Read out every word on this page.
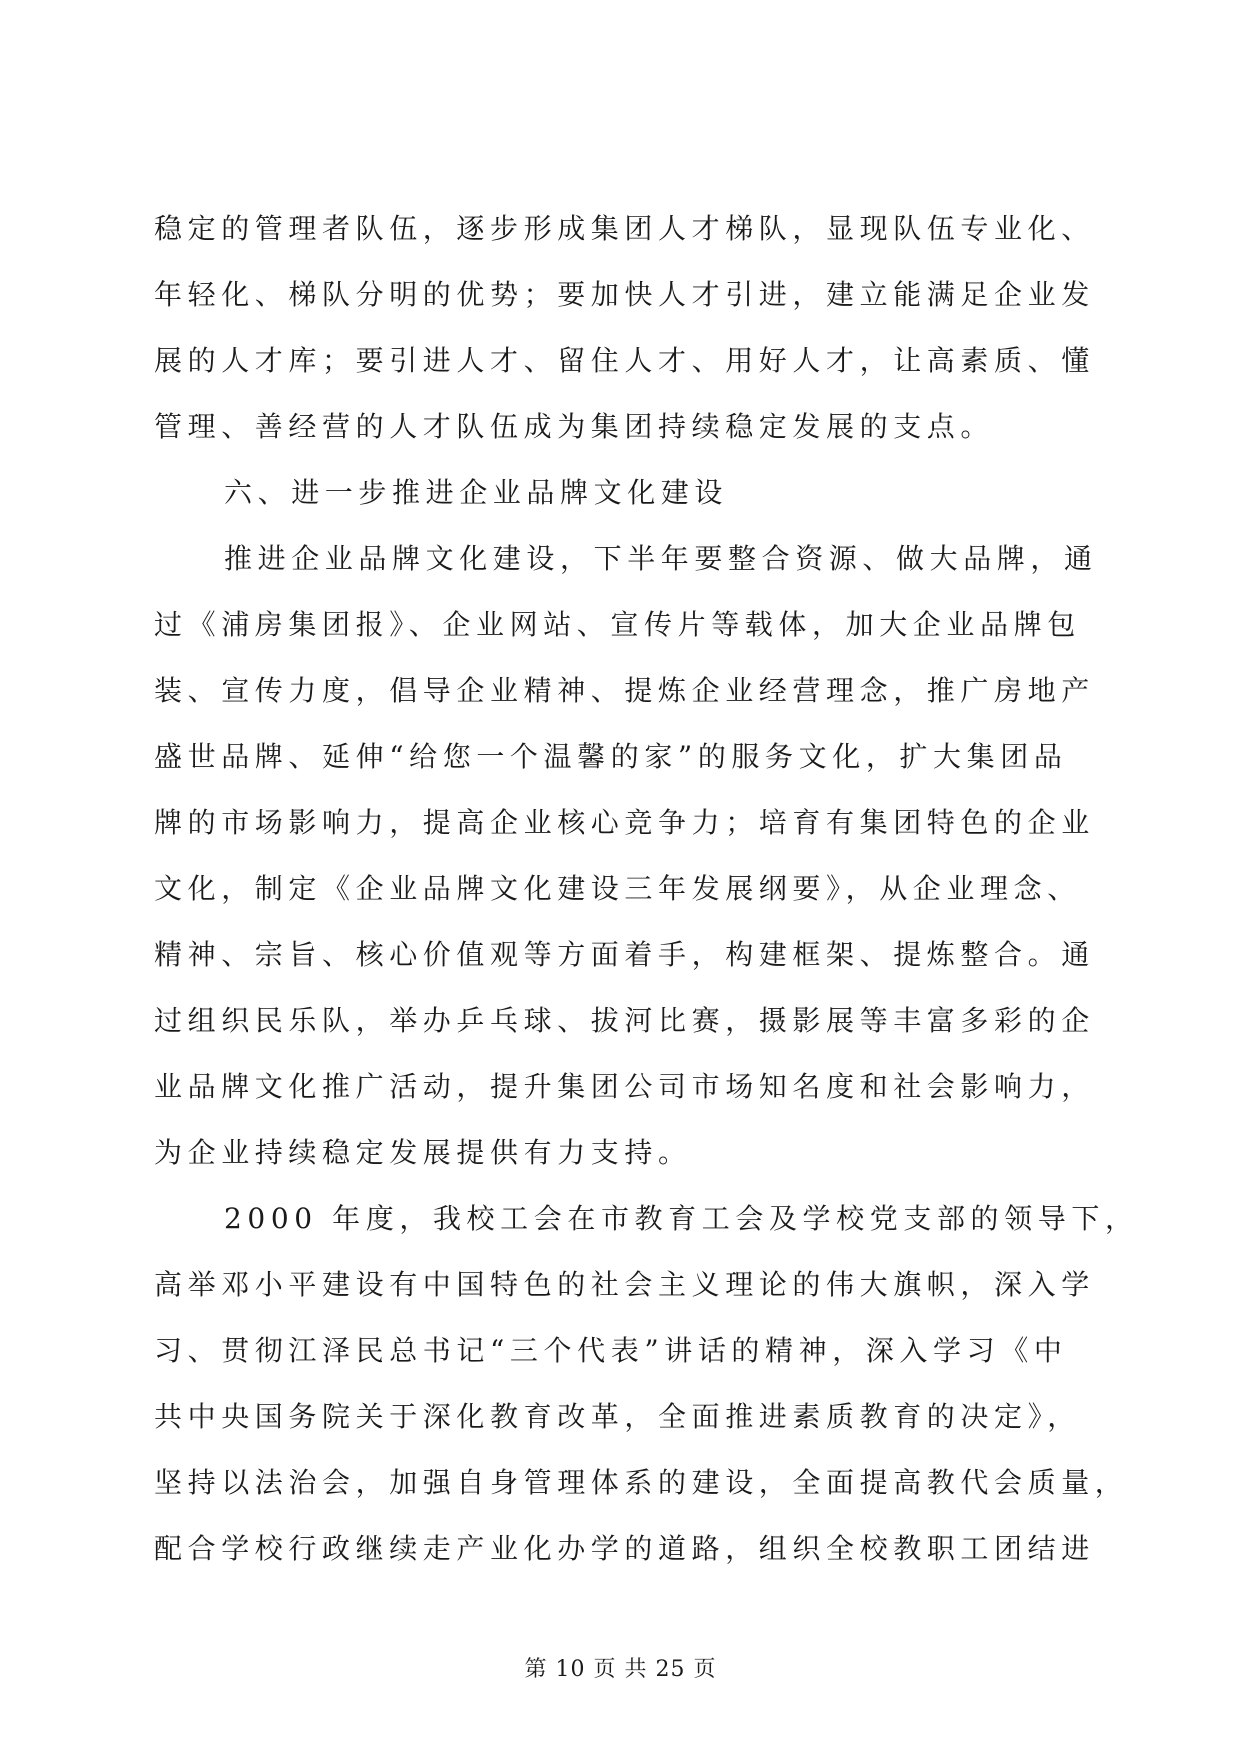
稳定的管理者队伍，逐步形成集团人才梯队，显现队伍专业化、
年轻化、梯队分明的优势；要加快人才引进，建立能满足企业发
展的人才库；要引进人才、留住人才、用好人才，让高素质、懂
管理、善经营的人才队伍成为集团持续稳定发展的支点。
六、进一步推进企业品牌文化建设
推进企业品牌文化建设，下半年要整合资源、做大品牌，通
过《浦房集团报》、企业网站、宣传片等载体，加大企业品牌包
装、宣传力度，倡导企业精神、提炼企业经营理念，推广房地产
盛世品牌、延伸“给您一个温馨的家”的服务文化，扩大集团品
牌的市场影响力，提高企业核心竞争力；培育有集团特色的企业
文化，制定《企业品牌文化建设三年发展纲要》，从企业理念、
精神、宗旨、核心价值观等方面着手，构建框架、提炼整合。通
过组织民乐队，举办乒乓球、拔河比赛，摄影展等丰富多彩的企
业品牌文化推广活动，提升集团公司市场知名度和社会影响力，
为企业持续稳定发展提供有力支持。
2000 年度，我校工会在市教育工会及学校党支部的领导下，
高举邓小平建设有中国特色的社会主义理论的伟大旗帜，深入学
习、贯彻江泽民总书记“三个代表”讲话的精神，深入学习《中
共中央国务院关于深化教育改革，全面推进素质教育的决定》，
坚持以法治会，加强自身管理体系的建设，全面提高教代会质量，
配合学校行政继续走产业化办学的道路，组织全校教职工团结进
第 10 页 共 25 页
